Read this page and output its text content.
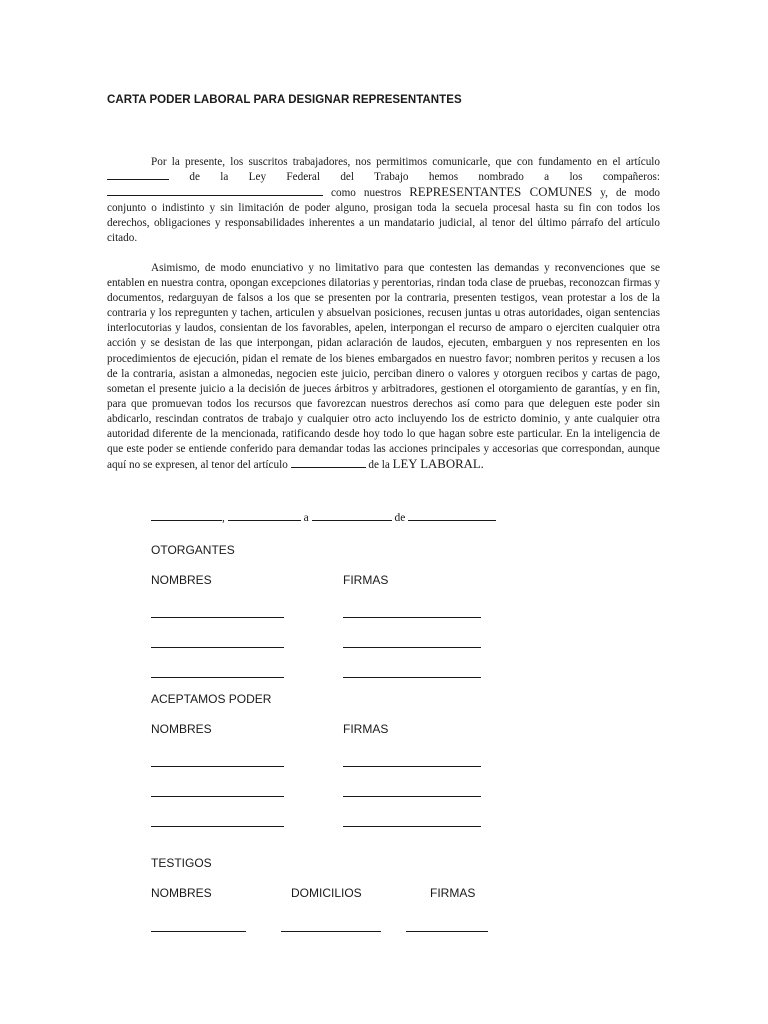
CARTA PODER LABORAL PARA DESIGNAR REPRESENTANTES

Por la presente, los suscritos trabajadores, nos permitimos comunicarle, que con fundamento en el artículo  de la Ley Federal del Trabajo hemos nombrado a los compañeros:  como nuestros REPRESENTANTES COMUNES y, de modo conjunto o indistinto y sin limitación de poder alguno, prosigan toda la secuela procesal hasta su fin con todos los derechos, obligaciones y responsabilidades inherentes a un mandatario judicial, al tenor del último párrafo del artículo citado.

Asimismo, de modo enunciativo y no limitativo para que contesten las demandas y reconvenciones que se entablen en nuestra contra, opongan excepciones dilatorias y perentorias, rindan toda clase de pruebas, reconozcan firmas y documentos, redarguyan de falsos a los que se presenten por la contraria, presenten testigos, vean protestar a los de la contraria y los repregunten y tachen, articulen y absuelvan posiciones, recusen juntas u otras autoridades, oigan sentencias interlocutorias y laudos, consientan de los favorables, apelen, interpongan el recurso de amparo o ejerciten cualquier otra acción y se desistan de las que interpongan, pidan aclaración de laudos, ejecuten, embarguen y nos representen en los procedimientos de ejecución, pidan el remate de los bienes embargados en nuestro favor; nombren peritos y recusen a los de la contraria, asistan a almonedas, negocien este juicio, perciban dinero o valores y otorguen recibos y cartas de pago, sometan el presente juicio a la decisión de jueces árbitros y arbitradores, gestionen el otorgamiento de garantías, y en fin, para que promuevan todos los recursos que favorezcan nuestros derechos así como para que deleguen este poder sin abdicarlo, rescindan contratos de trabajo y cualquier otro acto incluyendo los de estricto dominio, y ante cualquier otra autoridad diferente de la mencionada, ratificando desde hoy todo lo que hagan sobre este particular. En la inteligencia de que este poder se entiende conferido para demandar todas las acciones principales y accesorias que correspondan, aunque aquí no se expresen, al tenor del artículo	de la LEY LABORAL.

,	a	de
OTORGANTES
NOMBRES	FIRMAS
ACEPTAMOS PODER
NOMBRES	FIRMAS
TESTIGOS
NOMBRES	DOMICILIOS	FIRMAS
